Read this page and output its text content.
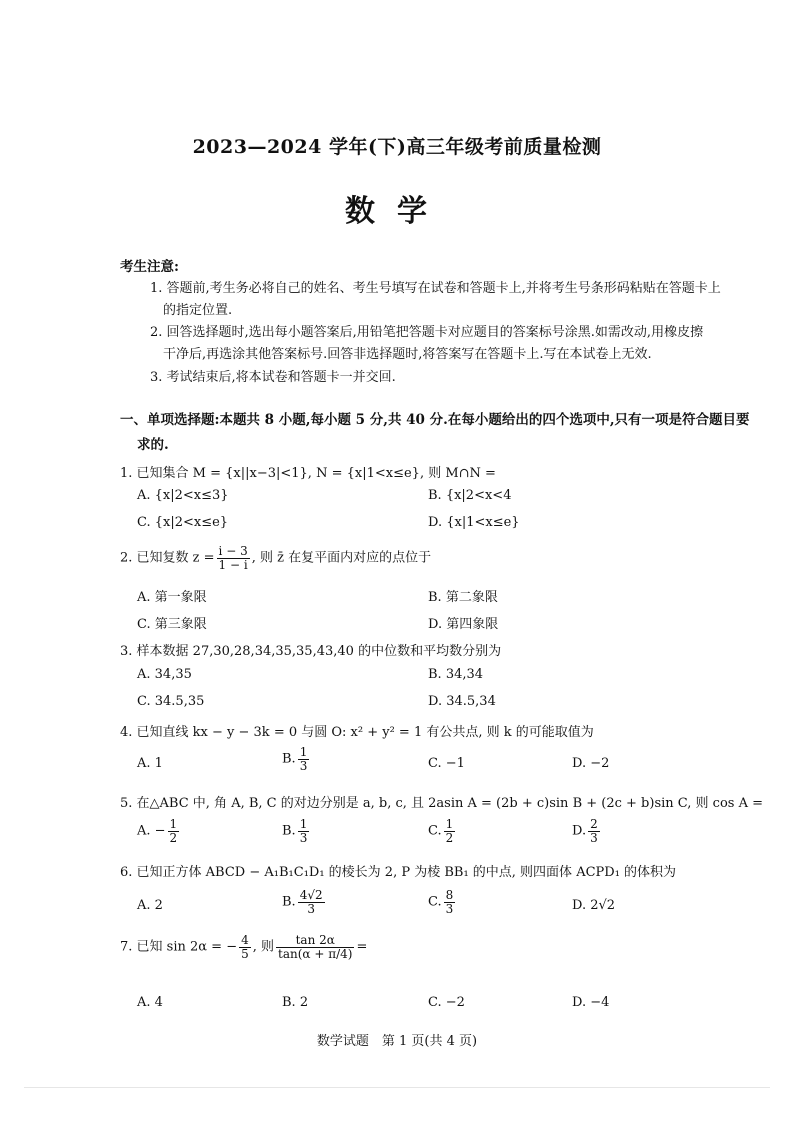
2023—2024 学年(下)高三年级考前质量检测
数学
考生注意:
1. 答题前,考生务必将自己的姓名、考生号填写在试卷和答题卡上,并将考生号条形码粘贴在答题卡上
的指定位置.
2. 回答选择题时,选出每小题答案后,用铅笔把答题卡对应题目的答案标号涂黑.如需改动,用橡皮擦
干净后,再选涂其他答案标号.回答非选择题时,将答案写在答题卡上.写在本试卷上无效.
3. 考试结束后,将本试卷和答题卡一并交回.
一、单项选择题:本题共 8 小题,每小题 5 分,共 40 分.在每小题给出的四个选项中,只有一项是符合题目要
求的.
1. 已知集合 M = {x||x−3|<1}, N = {x|1<x≤e}, 则 M∩N =
A. {x|2<x≤3}	B. {x|2<x<4
C. {x|2<x≤e}	D. {x|1<x≤e}
2. 已知复数 $z = \frac{i - 3}{1 - i}$ , 则 z̄ 在复平面内对应的点位于
A. 第一象限	B. 第二象限
C. 第三象限	D. 第四象限
3. 样本数据 27,30,28,34,35,35,43,40 的中位数和平均数分别为
A. 34,35	B. 34,34
C. 34.5,35	D. 34.5,34
4. 已知直线 kx − y − 3k = 0 与圆 O: x² + y² = 1 有公共点, 则 k 的可能取值为
A. 1	B. $\frac{1}{3}$	C. −1	D. −2
5. 在△ABC 中, 角 A, B, C 的对边分别是 a, b, c, 且 2asin A = (2b + c)sin B + (2c + b)sin C, 则 cos A =
A. − $\frac{1}{2}$	B. $\frac{1}{3}$	C. $\frac{1}{2}$	D. $\frac{2}{3}$
6. 已知正方体 ABCD − A₁B₁C₁D₁ 的棱长为 2, P 为棱 BB₁ 的中点, 则四面体 ACPD₁ 的体积为
A. 2	B. $\frac{4√2}{3}$	C. $\frac{8}{3}$	D. 2√2
7. 已知 sin 2α = − $\frac{4}{5}$ , 则 $\frac{\tan 2\alpha}{\tan(\alpha + \pi/4)}$ =
A. 4	B. 2	C. −2	D. −4
数学试题　第 1 页(共 4 页)
